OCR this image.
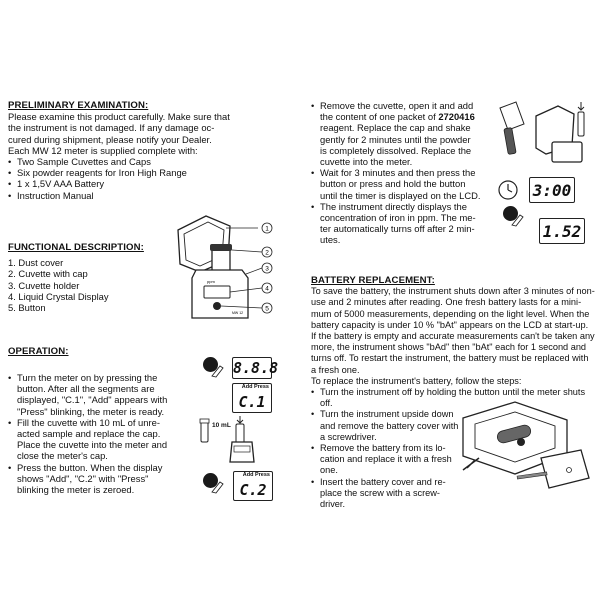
PRELIMINARY EXAMINATION:
Please examine this product carefully. Make sure that
the instrument is not damaged. If any damage oc-
cured during shipment, please notify your Dealer.
Each MW 12 meter is supplied complete with:
• Two Sample Cuvettes and Caps
• Six powder reagents for Iron High Range
• 1 x 1,5V AAA Battery
• Instruction Manual
FUNCTIONAL DESCRIPTION:
1. Dust cover
2. Cuvette with cap
3. Cuvette holder
4. Liquid Crystal Display
5. Button
ppm
MW 12
1
2
3
4
5
OPERATION:
• Turn the meter on by pressing the
button. After all the segments are
displayed, "C.1", "Add" appears with
"Press" blinking, the meter is ready.
• Fill the cuvette with 10 mL of unre-
acted sample and replace the cap.
Place the cuvette into the meter and
close the meter's cap.
• Press the button. When the display
shows "Add", "C.2" with "Press"
blinking the meter is zeroed.
8.8.8
Add Press
C.1
10 mL
Add Press
C.2
• Remove the cuvette, open it and add
the content of one packet of 2720416
reagent. Replace the cap and shake
gently for 2 minutes until the powder
is completely dissolved. Replace the
cuvette into the meter.
• Wait for 3 minutes and then press the
button or press and hold the button
until the timer is displayed on the LCD.
• The instrument directly displays the
concentration of iron in ppm. The me-
ter automatically turns off after 2 min-
utes.
3:00
1.52
BATTERY REPLACEMENT:
To save the battery, the instrument shuts down after 3 minutes of non-
use and 2 minutes after reading. One fresh battery lasts for a mini-
mum of 5000 measurements, depending on the light level. When the
battery capacity is under 10 % "bAt" appears on the LCD at start-up.
If the battery is empty and accurate measurements can't be taken any
more, the instrument shows "bAd" then "bAt" each for 1 second and
turns off. To restart the instrument, the battery must be replaced with
a fresh one.
To replace the instrument's battery, follow the steps:
• Turn the instrument off by holding the button until the meter shuts off.
• Turn the instrument upside down
and remove the battery cover with
a screwdriver.
• Remove the battery from its lo-
cation and replace it with a fresh
one.
• Insert the battery cover and re-
place the screw with a screw-
driver.
